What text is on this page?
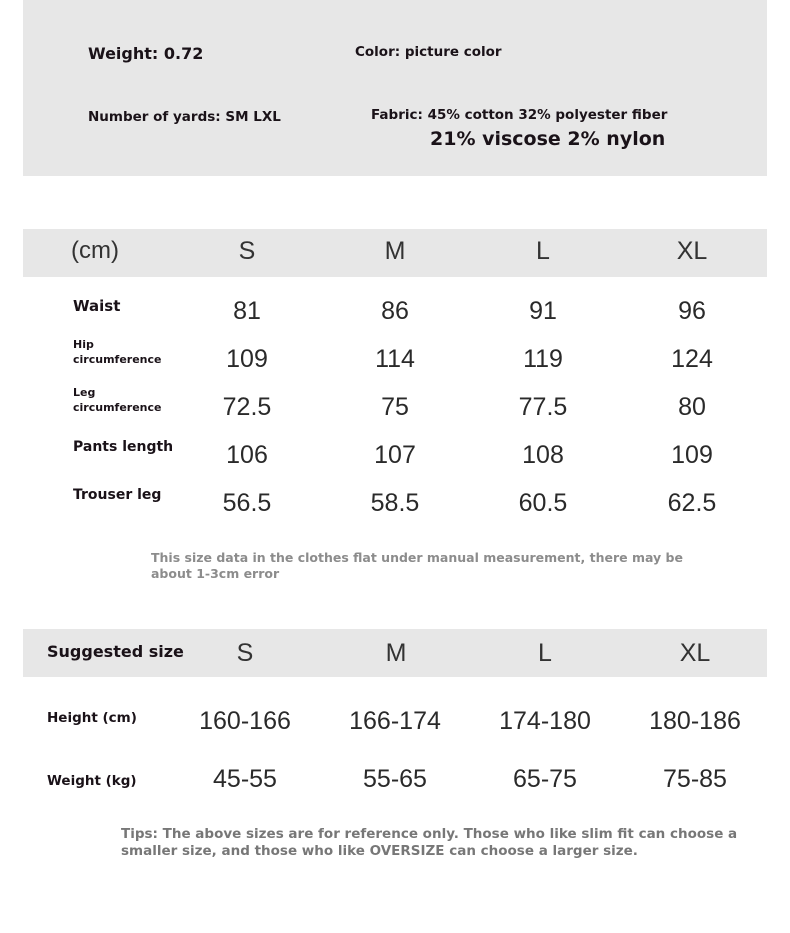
Weight: 0.72	Color: picture color
Number of yards: SM LXL	Fabric: 45% cotton 32% polyester fiber
21% viscose 2% nylon
(cm)	S	M	L	XL
Waist	81	86	91	96
Hip
circumference	109	114	119	124
Leg
circumference	72.5	75	77.5	80
Pants length	106	107	108	109
Trouser leg	56.5	58.5	60.5	62.5
This size data in the clothes flat under manual measurement, there may be
about 1-3cm error
Suggested size	S	M	L	XL
Height (cm)	160-166	166-174	174-180	180-186
Weight (kg)	45-55	55-65	65-75	75-85
Tips: The above sizes are for reference only. Those who like slim fit can choose a
smaller size, and those who like OVERSIZE can choose a larger size.
